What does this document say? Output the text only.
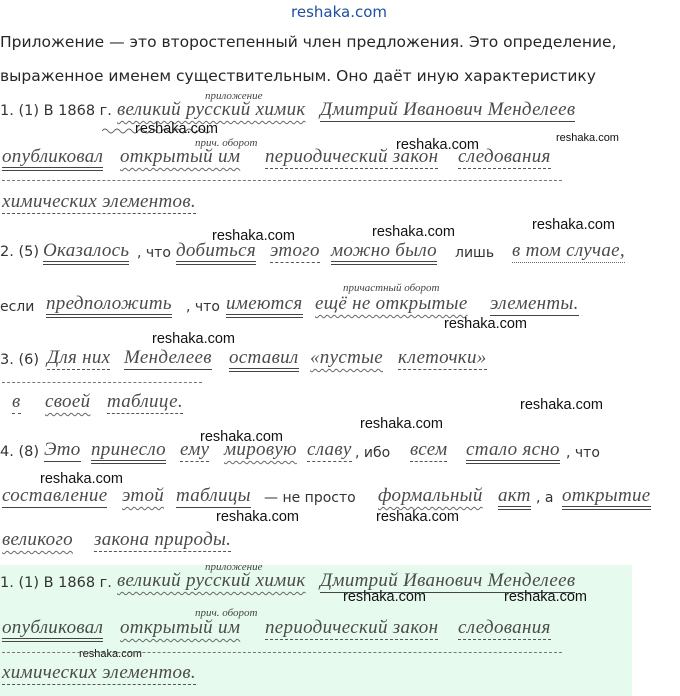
reshaka.com
Приложение — это второстепенный член предложения. Это определение,
выраженное именем существительным. Оно даёт иную характеристику
приложение
1. (1) В 1868 г. великий русский химик Дмитрий Иванович Менделеев
reshaka.com
прич. оборот	reshaka.com	reshaka.com
опубликовал открытый им периодический закон следования
химических элементов.
reshaka.com
reshaka.com	reshaka.com
2. (5) Оказалось , что добиться этого можно было лишь в том случае,
причастный оборот
если предположить , что имеются ещё не открытые элементы.
reshaka.com
reshaka.com
3. (6) Для них Менделеев оставил «пустые клеточки»
в своей таблице.	reshaka.com
reshaka.com
reshaka.com
4. (8) Это принесло ему мировую славу , ибо всем стало ясно , что
reshaka.com
составление этой таблицы — не просто формальный акт , а открытие
reshaka.com	reshaka.com
великого закона природы.
приложение
1. (1) В 1868 г. великий русский химик Дмитрий Иванович Менделеев
reshaka.com	reshaka.com
прич. оборот
опубликовал открытый им периодический закон следования
reshaka.com
химических элементов.
